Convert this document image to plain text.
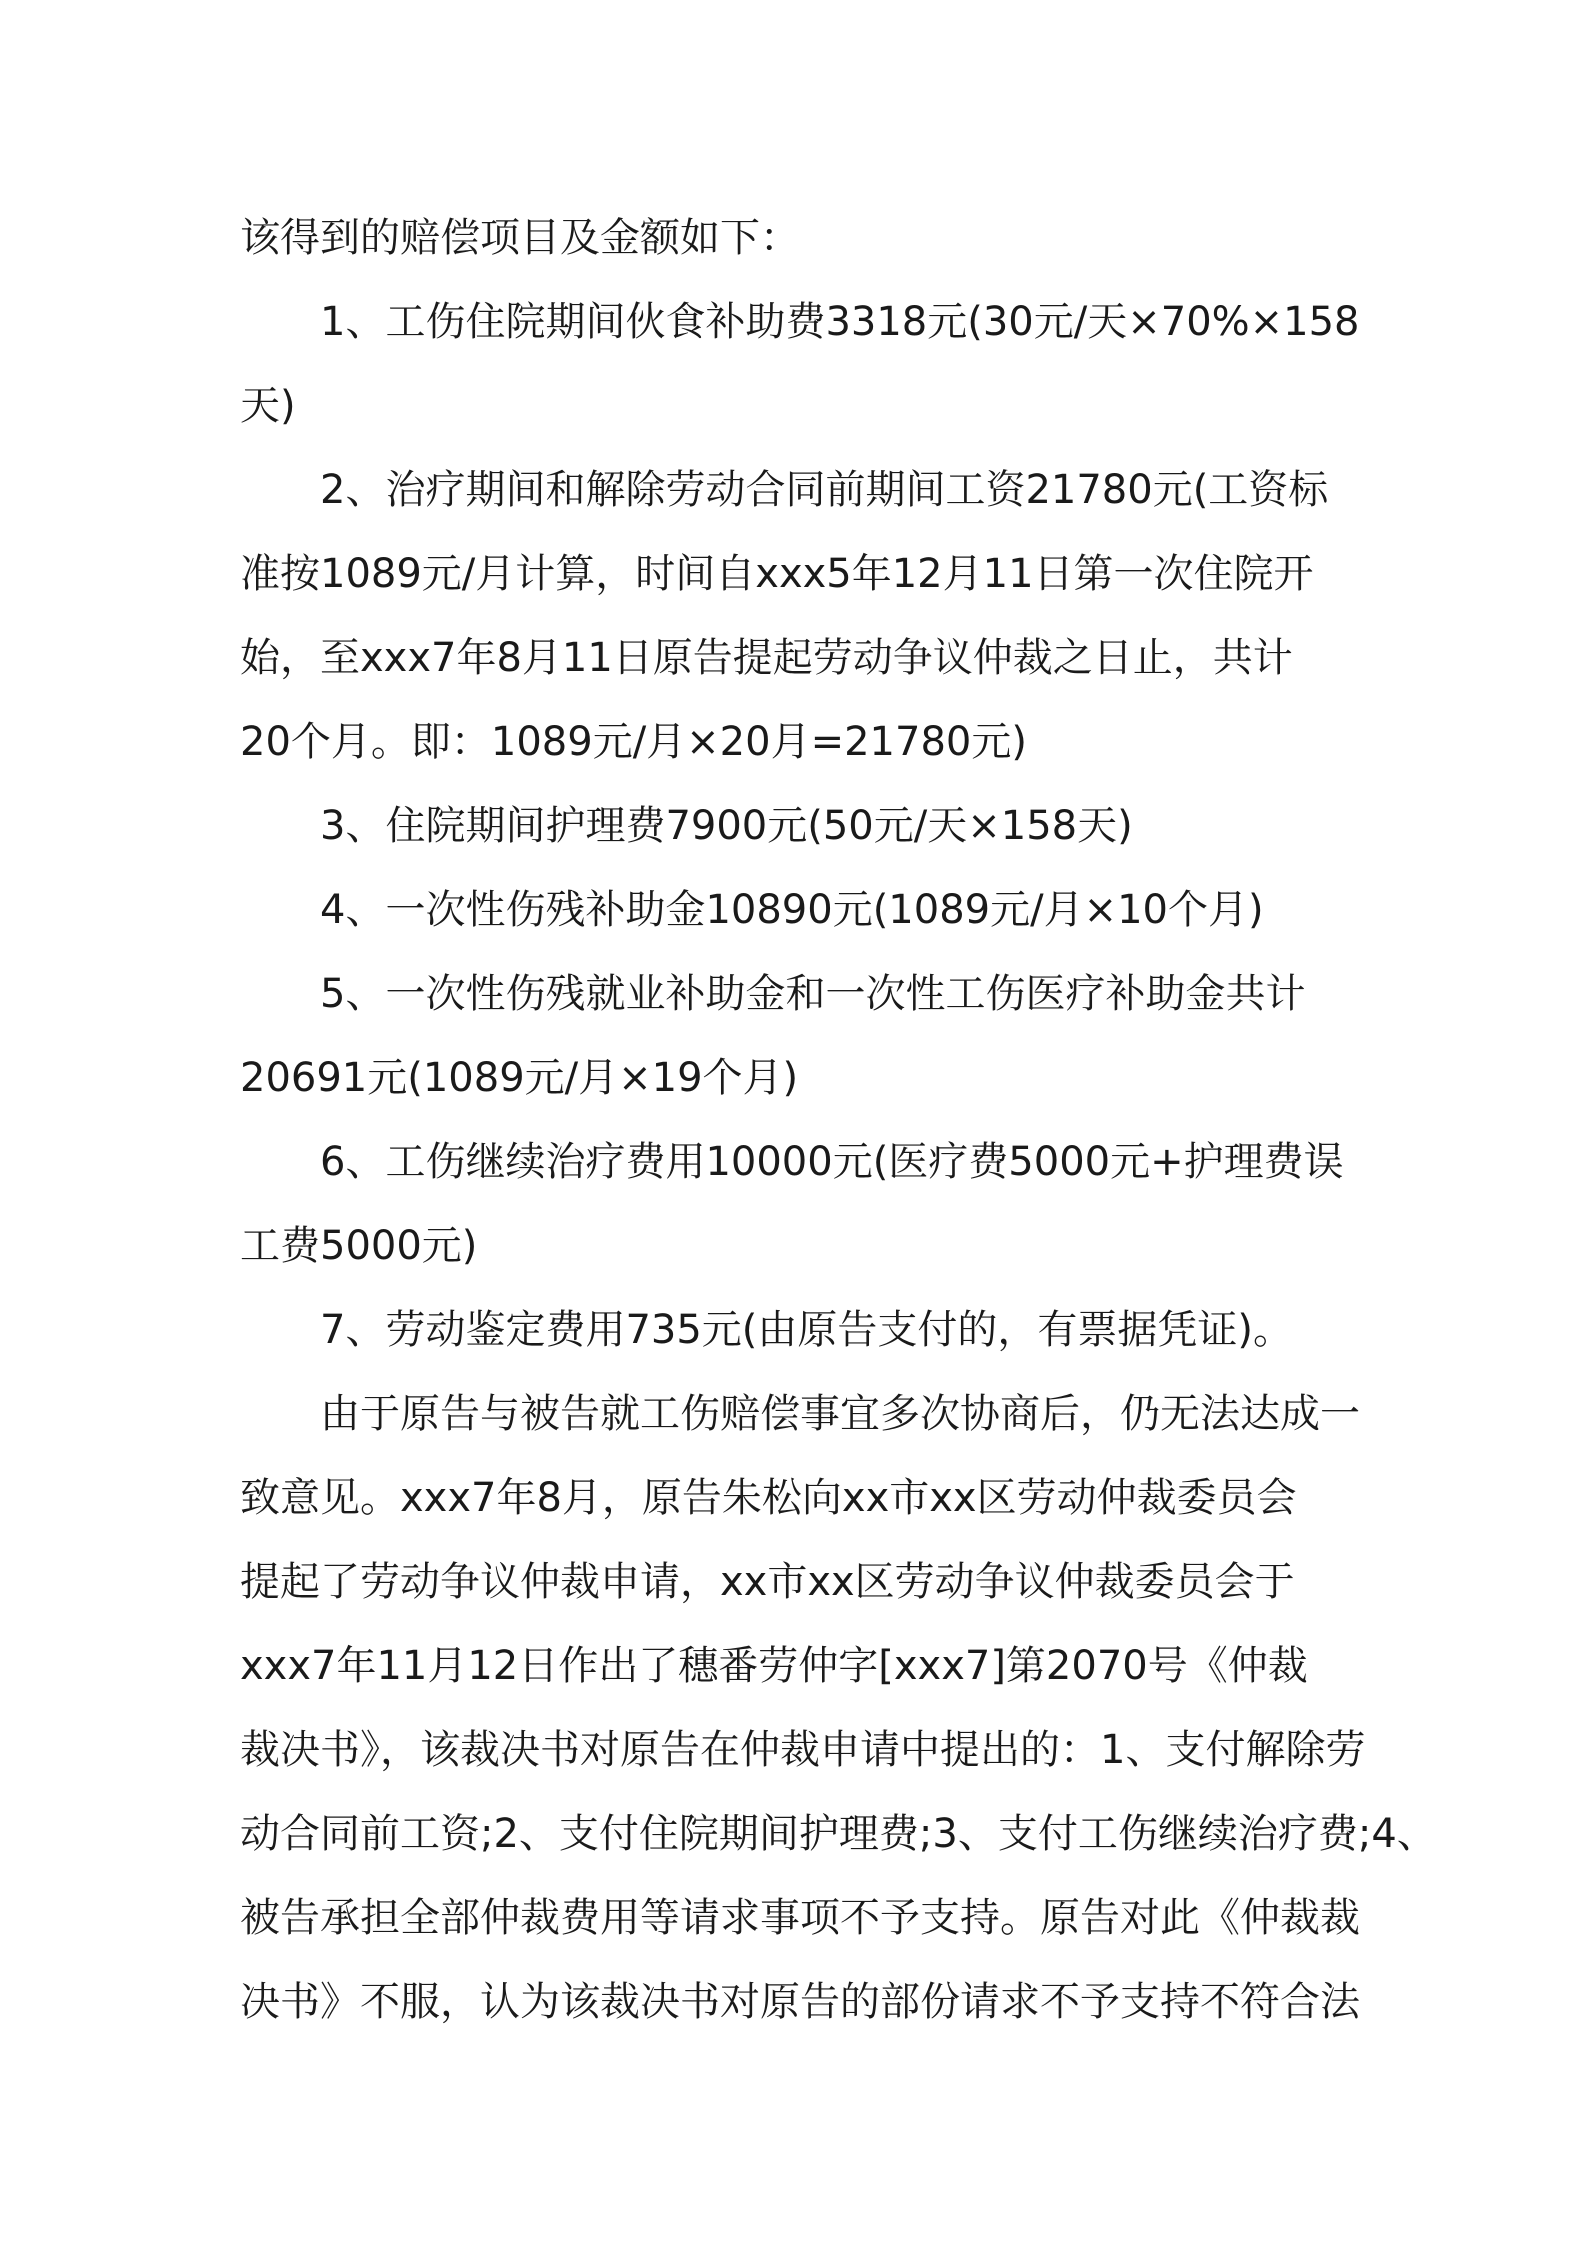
该得到的赔偿项目及金额如下：
1、工伤住院期间伙食补助费3318元(30元/天×70%×158
天)
2、治疗期间和解除劳动合同前期间工资21780元(工资标
准按1089元/月计算，时间自xxx5年12月11日第一次住院开
始，至xxx7年8月11日原告提起劳动争议仲裁之日止，共计
20个月。即：1089元/月×20月=21780元)
3、住院期间护理费7900元(50元/天×158天)
4、一次性伤残补助金10890元(1089元/月×10个月)
5、一次性伤残就业补助金和一次性工伤医疗补助金共计
20691元(1089元/月×19个月)
6、工伤继续治疗费用10000元(医疗费5000元+护理费误
工费5000元)
7、劳动鉴定费用735元(由原告支付的，有票据凭证)。
由于原告与被告就工伤赔偿事宜多次协商后，仍无法达成一
致意见。xxx7年8月，原告朱松向xx市xx区劳动仲裁委员会
提起了劳动争议仲裁申请，xx市xx区劳动争议仲裁委员会于
xxx7年11月12日作出了穗番劳仲字[xxx7]第2070号《仲裁
裁决书》，该裁决书对原告在仲裁申请中提出的：1、支付解除劳
动合同前工资;2、支付住院期间护理费;3、支付工伤继续治疗费;4、
被告承担全部仲裁费用等请求事项不予支持。原告对此《仲裁裁
决书》不服，认为该裁决书对原告的部份请求不予支持不符合法
